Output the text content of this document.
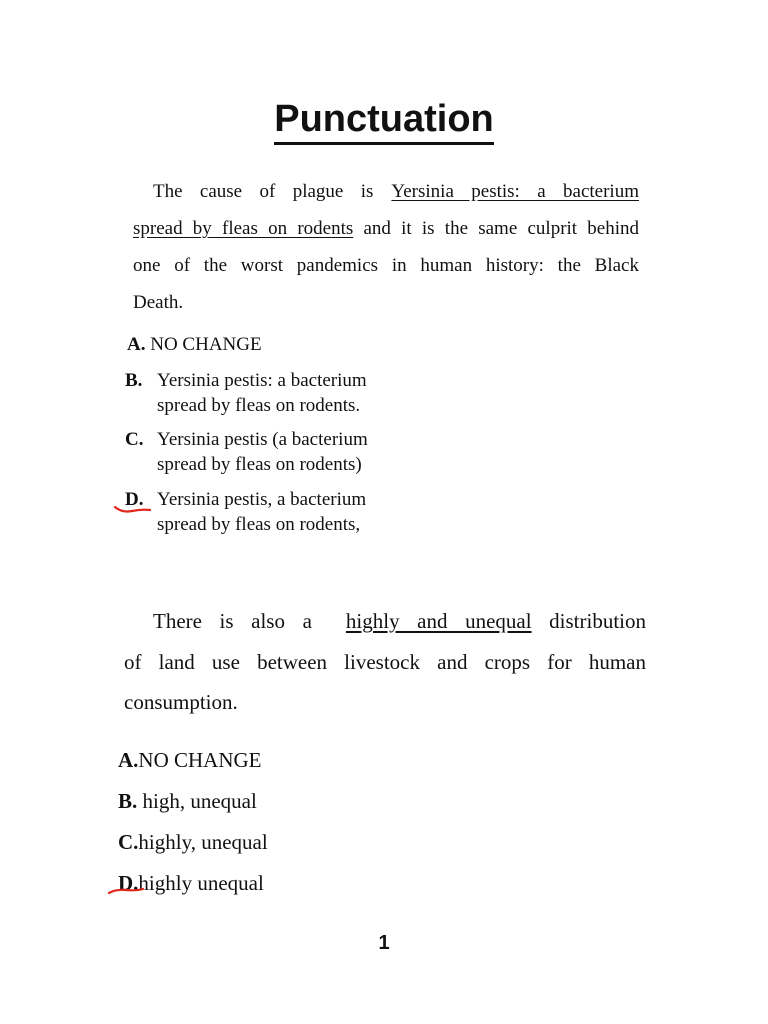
Punctuation
The cause of plague is Yersinia pestis: a bacterium
spread by fleas on rodents and it is the same culprit behind
one of the worst pandemics in human history: the Black
Death.
A. NO CHANGE
B. Yersinia pestis: a bacterium
spread by fleas on rodents.
C. Yersinia pestis (a bacterium
spread by fleas on rodents)
D. Yersinia pestis, a bacterium
spread by fleas on rodents,
There is also a highly and unequal distribution
of land use between livestock and crops for human
consumption.
A.NO CHANGE
B. high, unequal
C.highly, unequal
D.highly unequal
1
